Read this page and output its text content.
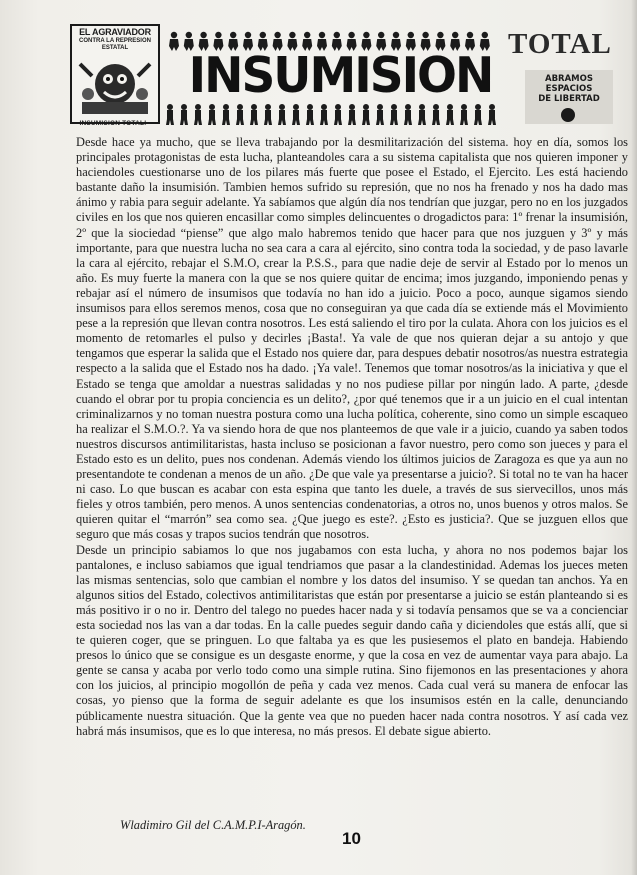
EL AGRAVIADOR
CONTRA LA REPRESION ESTATAL
INSUMISION TOTAL!
INSUMISION
TOTAL
ABRAMOS
ESPACIOS
DE LIBERTAD

Desde hace ya mucho, que se lleva trabajando por la desmilitarización del sistema. hoy en día, somos los principales protagonistas de esta lucha, planteandoles cara a su sistema capitalista que nos quieren imponer y haciendoles cuestionarse uno de los pilares más fuerte que posee el Estado, el Ejercito. Les está haciendo bastante daño la insumisión. Tambien hemos sufrido su represión, que no nos ha frenado y nos ha dado mas ánimo y rabia para seguir adelante. Ya sabíamos que algún día nos tendrían que juzgar, pero no en los juzgados civiles en los que nos quieren encasillar como simples delincuentes o drogadictos para: 1º frenar la insumisión, 2º que la siociedad “piense” que algo malo habremos tenido que hacer para que nos juzguen y 3º y más importante, para que nuestra lucha no sea cara a cara al ejército, sino contra toda la sociedad, y de paso lavarle la cara al ejército, rebajar el S.M.O, crear la P.S.S., para que nadie deje de servir al Estado por lo menos un año. Es muy fuerte la manera con la que se nos quiere quitar de encima; imos juzgando, imponiendo penas y rebajar así el número de insumisos que todavía no han ido a juicio. Poco a poco, aunque sigamos siendo insumisos para ellos seremos menos, cosa que no conseguiran ya que cada día se extiende más el Movimiento pese a la represión que llevan contra nosotros. Les está saliendo el tiro por la culata. Ahora con los juicios es el momento de retomarles el pulso y decirles ¡Basta!. Ya vale de que nos quieran dejar a su antojo y que tengamos que esperar la salida que el Estado nos quiere dar, para despues debatir nosotros/as nuestra estrategia respecto a la salida que el Estado nos ha dado. ¡Ya vale!. Tenemos que tomar nosotros/as la iniciativa y que el Estado se tenga que amoldar a nuestras salidadas y no nos pudiese pillar por ningún lado. A parte, ¿desde cuando el obrar por tu propia conciencia es un delito?, ¿por qué tenemos que ir a un juicio en el cual intentan criminalizarnos y no toman nuestra postura como una lucha política, coherente, sino como un simple escaqueo ha realizar el S.M.O.?. Ya va siendo hora de que nos planteemos de que vale ir a juicio, cuando ya saben todos nuestros discursos antimilitaristas, hasta incluso se posicionan a favor nuestro, pero como son jueces y para el Estado esto es un delito, pues nos condenan. Además viendo los últimos juicios de Zaragoza es que ya aun no presentandote te condenan a menos de un año. ¿De que vale ya presentarse a juicio?. Si total no te van ha hacer ni caso. Lo que buscan es acabar con esta espina que tanto les duele, a través de sus siervecillos, unos más fieles y otros también, pero menos. A unos sentencias condenatorias, a otros no, unos buenos y otros malos. Se quieren quitar el “marrón” sea como sea. ¿Que juego es este?. ¿Esto es justicia?. Que se juzguen ellos que seguro que más cosas y trapos sucios tendrán que nosotros.

Desde un principio sabiamos lo que nos jugabamos con esta lucha, y ahora no nos podemos bajar los pantalones, e incluso sabiamos que igual tendriamos que pasar a la clandestinidad. Ademas los jueces meten las mismas sentencias, solo que cambian el nombre y los datos del insumiso. Y se quedan tan anchos. Ya en algunos sitios del Estado, colectivos antimilitaristas que están por presentarse a juicio se están planteando si es más positivo ir o no ir. Dentro del talego no puedes hacer nada y si todavía pensamos que se va a concienciar esta sociedad nos las van a dar todas. En la calle puedes seguir dando caña y diciendoles que estás allí, que si te quieren coger, que se pringuen. Lo que faltaba ya es que les pusiesemos el plato en bandeja. Habiendo presos lo único que se consigue es un desgaste enorme, y que la cosa en vez de aumentar vaya para abajo. La gente se cansa y acaba por verlo todo como una simple rutina. Sino fijemonos en las presentaciones y ahora con los juicios, al principio mogollón de peña y cada vez menos. Cada cual verá su manera de enfocar las cosas, yo pienso que la forma de seguir adelante es que los insumisos estén en la calle, denunciando públicamente nuestra situación. Que la gente vea que no pueden hacer nada contra nosotros. Y así cada vez habrá más insumisos, que es lo que interesa, no más presos. El debate sigue abierto.

Wladimiro Gil del C.A.M.P.I-Aragón.
10
